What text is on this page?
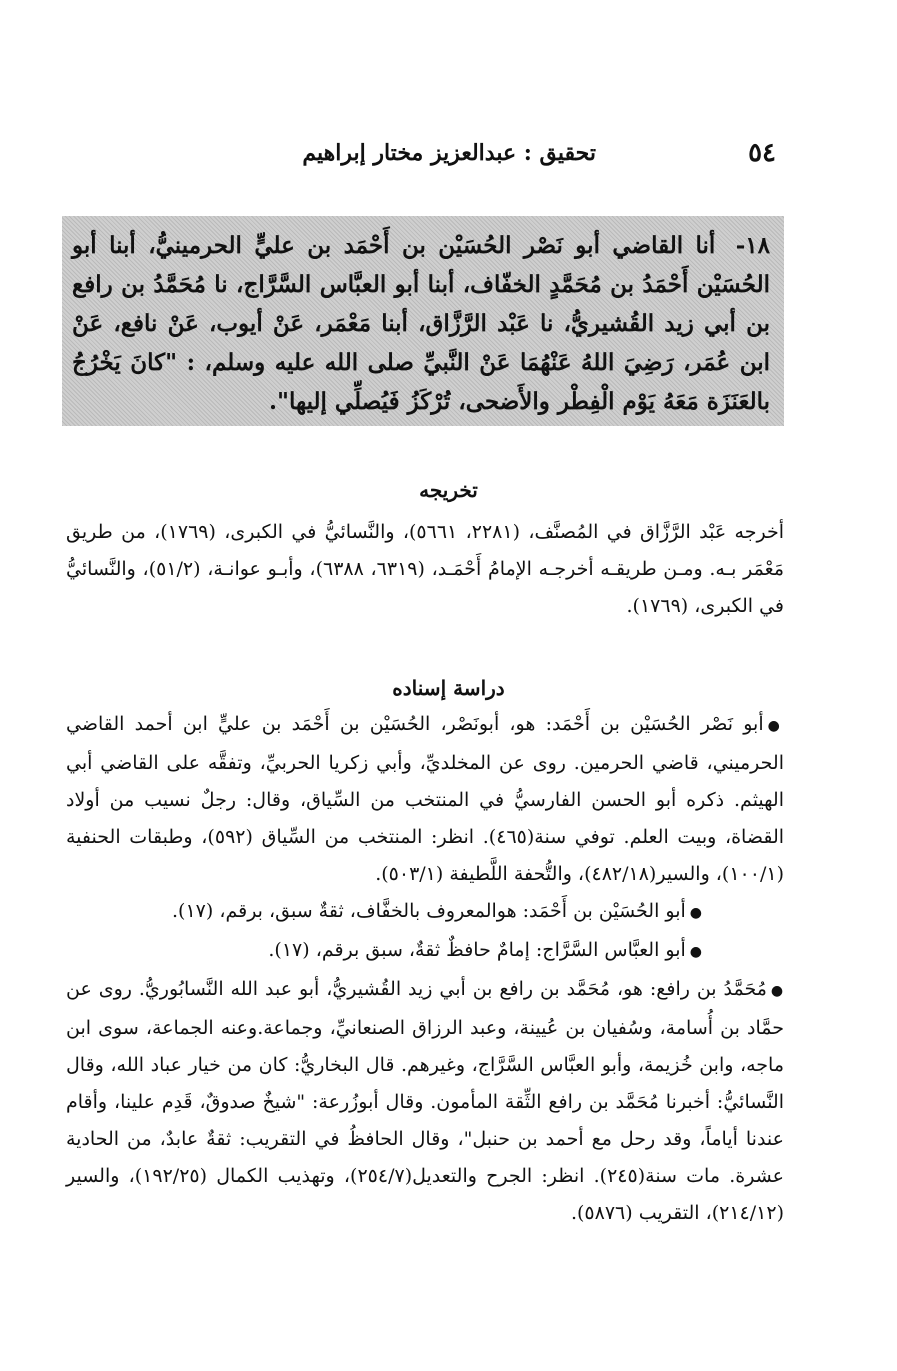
٥٤
تحقيق : عبدالعزيز مختار إبراهيم
١٨- أنا القاضي أبو نَصْر الحُسَيْن بن أَحْمَد بن عليٍّ الحرمينيُّ، أبنا أبو الحُسَيْن أَحْمَدُ بن مُحَمَّدٍ الخفّاف، أبنا أبو العبَّاس السَّرَّاج، نا مُحَمَّدُ بن رافع بن أبي زيد القُشيريُّ، نا عَبْد الرَّزَّاق، أبنا مَعْمَر، عَنْ أيوب، عَنْ نافع، عَنْ ابن عُمَر، رَضِيَ اللهُ عَنْهُمَا عَنْ النَّبيِّ صلى الله عليه وسلم، : "كانَ يَخْرُجُ بالعَنَزَة مَعَهُ يَوْم الْفِطْر والأَضحى، تُرْكَزُ فَيُصلِّي إليها".
تخريجه
أخرجه عَبْد الرَّزَّاق في المُصنَّف، (٢٢٨١، ٥٦٦١)، والنَّسائيُّ في الكبرى، (١٧٦٩)، من طريق مَعْمَر بـه. ومـن طريقـه أخرجـه الإمامُ أَحْمَـد، (٦٣١٩، ٦٣٨٨)، وأبـو عوانـة، (٥١/٢)، والنَّسائيُّ في الكبرى، (١٧٦٩).
دراسة إسناده

●أبو نَصْر الحُسَيْن بن أَحْمَد: هو، أبونَصْر، الحُسَيْن بن أَحْمَد بن عليٍّ ابن أحمد القاضي الحرميني، قاضي الحرمين. روى عن المخلديِّ، وأبي زكريا الحربيِّ، وتفقَّه على القاضي أبي الهيثم. ذكره أبو الحسن الفارسيُّ في المنتخب من السِّياق، وقال: رجلٌ نسيب من أولاد القضاة، وبيت العلم. توفي سنة(٤٦٥). انظر: المنتخب من السِّياق (٥٩٢)، وطبقات الحنفية (١٠٠/١)، والسير(٤٨٢/١٨)، والتُّحفة اللَّطيفة (٥٠٣/١).

●أبو الحُسَيْن بن أَحْمَد: هوالمعروف بالخفَّاف، ثقةٌ سبق، برقم، (١٧).

●أبو العبَّاس السَّرَّاج: إمامٌ حافظٌ ثقةٌ، سبق برقم، (١٧).

●مُحَمَّدُ بن رافع: هو، مُحَمَّد بن رافع بن أبي زيد القُشيريُّ، أبو عبد الله النَّسابُوريُّ. روى عن حمَّاد بن أُسامة، وسُفيان بن عُيينة، وعبد الرزاق الصنعانيِّ، وجماعة.وعنه الجماعة، سوى ابن ماجه، وابن خُزيمة، وأبو العبَّاس السَّرَّاج، وغيرهم. قال البخاريُّ: كان من خيار عباد الله، وقال النَّسائيُّ: أخبرنا مُحَمَّد بن رافع الثِّقة المأمون. وقال أبوزُرعة: "شيخٌ صدوقٌ، قَدِم علينا، وأقام عندنا أياماً، وقد رحل مع أحمد بن حنبل"، وقال الحافظُ في التقريب: ثقةٌ عابدٌ، من الحادية عشرة. مات سنة(٢٤٥). انظر: الجرح والتعديل(٢٥٤/٧)، وتهذيب الكمال (١٩٢/٢٥)، والسير (٢١٤/١٢)، التقريب (٥٨٧٦).
